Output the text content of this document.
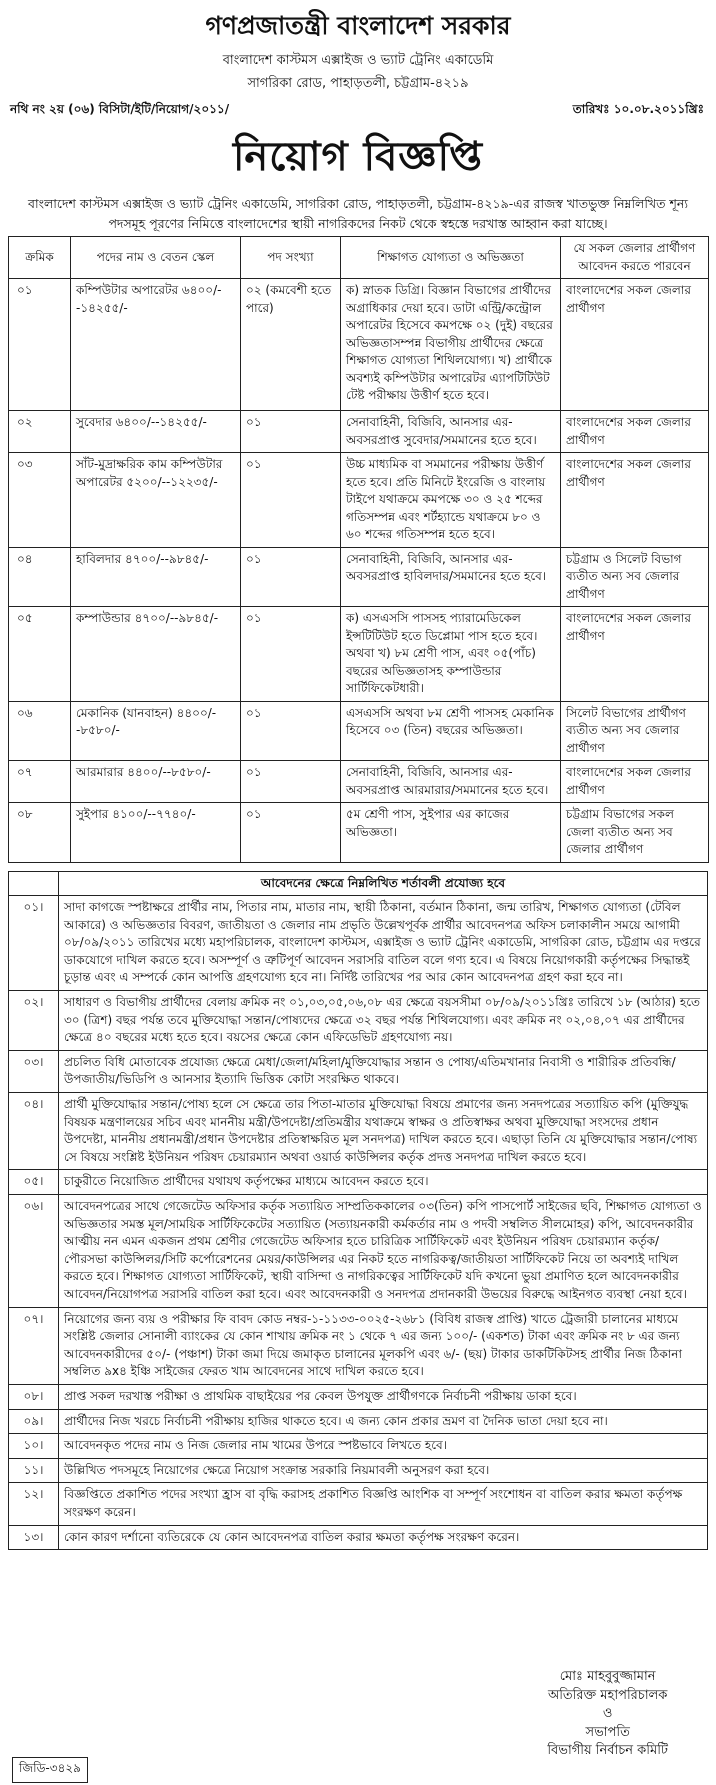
গণপ্রজাতন্ত্রী বাংলাদেশ সরকার
বাংলাদেশ কাস্টমস এক্সাইজ ও ভ্যাট ট্রেনিং একাডেমি
সাগরিকা রোড, পাহাড়তলী, চট্টগ্রাম-৪২১৯
নথি নং ২য় (০৬) বিসিটা/ইটি/নিয়োগ/২০১১/	তারিখঃ ১০.০৮.২০১১খ্রিঃ
নিয়োগ বিজ্ঞপ্তি
বাংলাদেশ কাস্টমস এক্সাইজ ও ভ্যাট ট্রেনিং একাডেমি, সাগরিকা রোড, পাহাড়তলী, চট্টগ্রাম-৪২১৯-এর রাজস্ব খাতভুক্ত নিম্নলিখিত শূন্য পদসমূহ পূরণের নিমিত্তে বাংলাদেশের স্থায়ী নাগরিকদের নিকট থেকে স্বহস্তে দরখাস্ত আহ্বান করা যাচ্ছে।
ক্রমিক	পদের নাম ও বেতন স্কেল	পদ সংখ্যা	শিক্ষাগত যোগ্যতা ও অভিজ্ঞতা	যে সকল জেলার প্রার্থীগণ আবেদন করতে পারবেন
০১	কম্পিউটার অপারেটর ৬৪০০/--১৪২৫৫/-	০২ (কমবেশী হতে পারে)	ক) স্নাতক ডিগ্রি। বিজ্ঞান বিভাগের প্রার্থীদের অগ্রাধিকার দেয়া হবে। ডাটা এন্ট্রি/কন্ট্রোল অপারেটর হিসেবে কমপক্ষে ০২ (দুই) বছরের অভিজ্ঞতাসম্পন্ন বিভাগীয় প্রার্থীদের ক্ষেত্রে শিক্ষাগত যোগ্যতা শিথিলযোগ্য। খ) প্রার্থীকে অবশ্যই কম্পিউটার অপারেটর এ্যাপটিটিউট টেষ্ট পরীক্ষায় উত্তীর্ণ হতে হবে।	বাংলাদেশের সকল জেলার প্রার্থীগণ
০২	সুবেদার ৬৪০০/--১৪২৫৫/-	০১	সেনাবাহিনী, বিজিবি, আনসার এর- অবসরপ্রাপ্ত সুবেদার/সমমানের হতে হবে।	বাংলাদেশের সকল জেলার প্রার্থীগণ
০৩	সাঁট-মুদ্রাক্ষরিক কাম কম্পিউটার অপারেটর ৫২০০/--১২২৩৫/-	০১	উচ্চ মাধ্যমিক বা সমমানের পরীক্ষায় উত্তীর্ণ হতে হবে। প্রতি মিনিটে ইংরেজি ও বাংলায় টাইপে যথাক্রমে কমপক্ষে ৩০ ও ২৫ শব্দের গতিসম্পন্ন এবং শর্টহ্যান্ডে যথাক্রমে ৮০ ও ৬০ শব্দের গতিসম্পন্ন হতে হবে।	বাংলাদেশের সকল জেলার প্রার্থীগণ
০৪	হাবিলদার ৪৭০০/--৯৮৪৫/-	০১	সেনাবাহিনী, বিজিবি, আনসার এর- অবসরপ্রাপ্ত হাবিলদার/সমমানের হতে হবে।	চট্টগ্রাম ও সিলেট বিভাগ ব্যতীত অন্য সব জেলার প্রার্থীগণ
০৫	কম্পাউন্ডার ৪৭০০/--৯৮৪৫/-	০১	ক) এসএসসি পাসসহ প্যারামেডিকেল ইন্সটিটিউট হতে ডিপ্লোমা পাস হতে হবে। অথবা খ) ৮ম শ্রেণী পাস, এবং ০৫(পাঁচ) বছরের অভিজ্ঞতাসহ কম্পাউন্ডার সার্টিফিকেটধারী।	বাংলাদেশের সকল জেলার প্রার্থীগণ
০৬	মেকানিক (যানবাহন) ৪৪০০/--৮৫৮০/-	০১	এসএসসি অথবা ৮ম শ্রেণী পাসসহ মেকানিক হিসেবে ০৩ (তিন) বছরের অভিজ্ঞতা।	সিলেট বিভাগের প্রার্থীগণ ব্যতীত অন্য সব জেলার প্রার্থীগণ
০৭	আরমারার ৪৪০০/--৮৫৮০/-	০১	সেনাবাহিনী, বিজিবি, আনসার এর- অবসরপ্রাপ্ত আরমারার/সমমানের হতে হবে।	বাংলাদেশের সকল জেলার প্রার্থীগণ
০৮	সুইপার ৪১০০/--৭৭৪০/-	০১	৫ম শ্রেণী পাস, সুইপার এর কাজের অভিজ্ঞতা।	চট্টগ্রাম বিভাগের সকল জেলা ব্যতীত অন্য সব জেলার প্রার্থীগণ
	আবেদনের ক্ষেত্রে নিম্নলিখিত শর্তাবলী প্রযোজ্য হবে
০১।	সাদা কাগজে স্পষ্টাক্ষরে প্রার্থীর নাম, পিতার নাম, মাতার নাম, স্থায়ী ঠিকানা, বর্তমান ঠিকানা, জন্ম তারিখ, শিক্ষাগত যোগ্যতা (টেবিল আকারে) ও অভিজ্ঞতার বিবরণ, জাতীয়তা ও জেলার নাম প্রভৃতি উল্লেখপূর্বক প্রার্থীর আবেদনপত্র অফিস চলাকালীন সময়ে আগামী ০৮/০৯/২০১১ তারিখের মধ্যে মহাপরিচালক, বাংলাদেশ কাস্টমস, এক্সাইজ ও ভ্যাট ট্রেনিং একাডেমি, সাগরিকা রোড, চট্টগ্রাম এর দপ্তরে ডাকযোগে দাখিল করতে হবে। অসম্পূর্ণ ও ত্রুটিপূর্ণ আবেদন সরাসরি বাতিল বলে গণ্য হবে। এ বিষয়ে নিয়োগকারী কর্তৃপক্ষের সিদ্ধান্তই চূড়ান্ত এবং এ সম্পর্কে কোন আপত্তি গ্রহণযোগ্য হবে না। নির্দিষ্ট তারিখের পর আর কোন আবেদনপত্র গ্রহণ করা হবে না।
০২।	সাধারণ ও বিভাগীয় প্রার্থীদের বেলায় ক্রমিক নং ০১,০৩,০৫,০৬,০৮ এর ক্ষেত্রে বয়সসীমা ০৮/০৯/২০১১খ্রিঃ তারিখে ১৮ (আঠার) হতে ৩০ (ত্রিশ) বছর পর্যন্ত তবে মুক্তিযোদ্ধা সন্তান/পোষ্যদের ক্ষেত্রে ৩২ বছর পর্যন্ত শিথিলযোগ্য। এবং ক্রমিক নং ০২,০৪,০৭ এর প্রার্থীদের ক্ষেত্রে ৪০ বছরের মধ্যে হতে হবে। বয়সের ক্ষেত্রে কোন এফিডেভিট গ্রহণযোগ্য নয়।
০৩।	প্রচলিত বিধি মোতাবেক প্রযোজ্য ক্ষেত্রে মেধা/জেলা/মহিলা/মুক্তিযোদ্ধার সন্তান ও পোষ্য/এতিমখানার নিবাসী ও শারীরিক প্রতিবন্ধি/উপজাতীয়/ভিডিপি ও আনসার ইত্যাদি ভিত্তিক কোটা সংরক্ষিত থাকবে।
০৪।	প্রার্থী মুক্তিযোদ্ধার সন্তান/পোষ্য হলে সে ক্ষেত্রে তার পিতা-মাতার মুক্তিযোদ্ধা বিষয়ে প্রমাণের জন্য সনদপত্রের সত্যায়িত কপি (মুক্তিযুদ্ধ বিষয়ক মন্ত্রণালয়ের সচিব এবং মাননীয় মন্ত্রী/উপদেষ্টা/প্রতিমন্ত্রীর যথাক্রমে স্বাক্ষর ও প্রতিস্বাক্ষর অথবা মুক্তিযোদ্ধা সংসদের প্রধান উপদেষ্টা, মাননীয় প্রধানমন্ত্রী/প্রধান উপদেষ্টার প্রতিস্বাক্ষরিত মূল সনদপত্র) দাখিল করতে হবে। এছাড়া তিনি যে মুক্তিযোদ্ধার সন্তান/পোষ্য সে বিষয়ে সংশ্লিষ্ট ইউনিয়ন পরিষদ চেয়ারম্যান অথবা ওয়ার্ড কাউন্সিলর কর্তৃক প্রদত্ত সনদপত্র দাখিল করতে হবে।
০৫।	চাকুরীতে নিয়োজিত প্রার্থীদের যথাযথ কর্তৃপক্ষের মাধ্যমে আবেদন করতে হবে।
০৬।	আবেদনপত্রের সাথে গেজেটেড অফিসার কর্তৃক সত্যায়িত সাম্প্রতিককালের ০৩(তিন) কপি পাসপোর্ট সাইজের ছবি, শিক্ষাগত যোগ্যতা ও অভিজ্ঞতার সমস্ত মূল/সাময়িক সার্টিফিকেটের সত্যায়িত (সত্যায়নকারী কর্মকর্তার নাম ও পদবী সম্বলিত সীলমোহর) কপি, আবেদনকারীর আত্মীয় নন এমন একজন প্রথম শ্রেণীর গেজেটেড অফিসার হতে চারিত্রিক সার্টিফিকেট এবং ইউনিয়ন পরিষদ চেয়ারম্যান কর্তৃক/পৌরসভা কাউন্সিলর/সিটি কর্পোরেশনের মেয়র/কাউন্সিলর এর নিকট হতে নাগরিকত্ব/জাতীয়তা সার্টিফিকেট নিয়ে তা অবশ্যই দাখিল করতে হবে। শিক্ষাগত যোগ্যতা সার্টিফিকেট, স্থায়ী বাসিন্দা ও নাগরিকত্বের সার্টিফিকেট যদি কখনো ভুয়া প্রমাণিত হলে আবেদনকারীর আবেদন/নিয়োগপত্র সরাসরি বাতিল করা হবে। এবং আবেদনকারী ও সনদপত্র প্রদানকারী উভয়ের বিরুদ্ধে আইনগত ব্যবস্থা নেয়া হবে।
০৭।	নিয়োগের জন্য ব্যয় ও পরীক্ষার ফি বাবদ কোড নম্বর-১-১১৩৩-০০২৫-২৬৮১ (বিবিধ রাজস্ব প্রাপ্তি) খাতে ট্রেজারী চালানের মাধ্যমে সংশ্লিষ্ট জেলার সোনালী ব্যাংকের যে কোন শাখায় ক্রমিক নং ১ থেকে ৭ এর জন্য ১০০/- (একশত) টাকা এবং ক্রমিক নং ৮ এর জন্য আবেদনকারীদের ৫০/- (পঞ্চাশ) টাকা জমা দিয়ে জমাকৃত চালানের মূলকপি এবং ৬/- (ছয়) টাকার ডাকটিকিটসহ প্রার্থীর নিজ ঠিকানা সম্বলিত ৯x৪ ইঞ্চি সাইজের ফেরত খাম আবেদনের সাথে দাখিল করতে হবে।
০৮।	প্রাপ্ত সকল দরখাস্ত পরীক্ষা ও প্রাথমিক বাছাইয়ের পর কেবল উপযুক্ত প্রার্থীগণকে নির্বাচনী পরীক্ষায় ডাকা হবে।
০৯।	প্রার্থীদের নিজ খরচে নির্বাচনী পরীক্ষায় হাজির থাকতে হবে। এ জন্য কোন প্রকার ভ্রমণ বা দৈনিক ভাতা দেয়া হবে না।
১০।	আবেদনকৃত পদের নাম ও নিজ জেলার নাম খামের উপরে স্পষ্টভাবে লিখতে হবে।
১১।	উল্লিখিত পদসমূহে নিয়োগের ক্ষেত্রে নিয়োগ সংক্রান্ত সরকারি নিয়মাবলী অনুসরণ করা হবে।
১২।	বিজ্ঞপ্তিতে প্রকাশিত পদের সংখ্যা হ্রাস বা বৃদ্ধি করাসহ প্রকাশিত বিজ্ঞপ্তি আংশিক বা সম্পূর্ণ সংশোধন বা বাতিল করার ক্ষমতা কর্তৃপক্ষ সংরক্ষণ করেন।
১৩।	কোন কারণ দর্শানো ব্যতিরেকে যে কোন আবেদনপত্র বাতিল করার ক্ষমতা কর্তৃপক্ষ সংরক্ষণ করেন।
মোঃ মাহবুবুজ্জামান
অতিরিক্ত মহাপরিচালক
ও
সভাপতি
বিভাগীয় নির্বাচন কমিটি
জিডি-৩৪২৯
